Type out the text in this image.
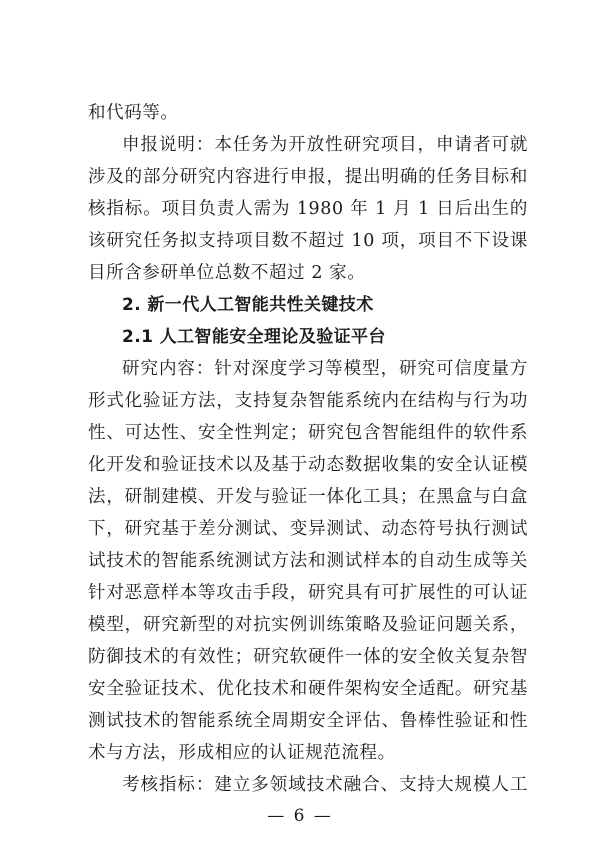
和代码等。
申报说明：本任务为开放性研究项目，申请者可就
涉及的部分研究内容进行申报，提出明确的任务目标和
核指标。项目负责人需为 1980 年 1 月 1 日后出生的
该研究任务拟支持项目数不超过 10 项，项目不下设课
目所含参研单位总数不超过 2 家。
2. 新一代人工智能共性关键技术
2.1 人工智能安全理论及验证平台
研究内容：针对深度学习等模型，研究可信度量方
形式化验证方法，支持复杂智能系统内在结构与行为功
性、可达性、安全性判定；研究包含智能组件的软件系
化开发和验证技术以及基于动态数据收集的安全认证模
法，研制建模、开发与验证一体化工具；在黑盒与白盒
下，研究基于差分测试、变异测试、动态符号执行测试
试技术的智能系统测试方法和测试样本的自动生成等关
针对恶意样本等攻击手段，研究具有可扩展性的可认证
模型，研究新型的对抗实例训练策略及验证问题关系，
防御技术的有效性；研究软硬件一体的安全攸关复杂智
安全验证技术、优化技术和硬件架构安全适配。研究基
测试技术的智能系统全周期安全评估、鲁棒性验证和性
术与方法，形成相应的认证规范流程。
考核指标：建立多领域技术融合、支持大规模人工
— 6 —
